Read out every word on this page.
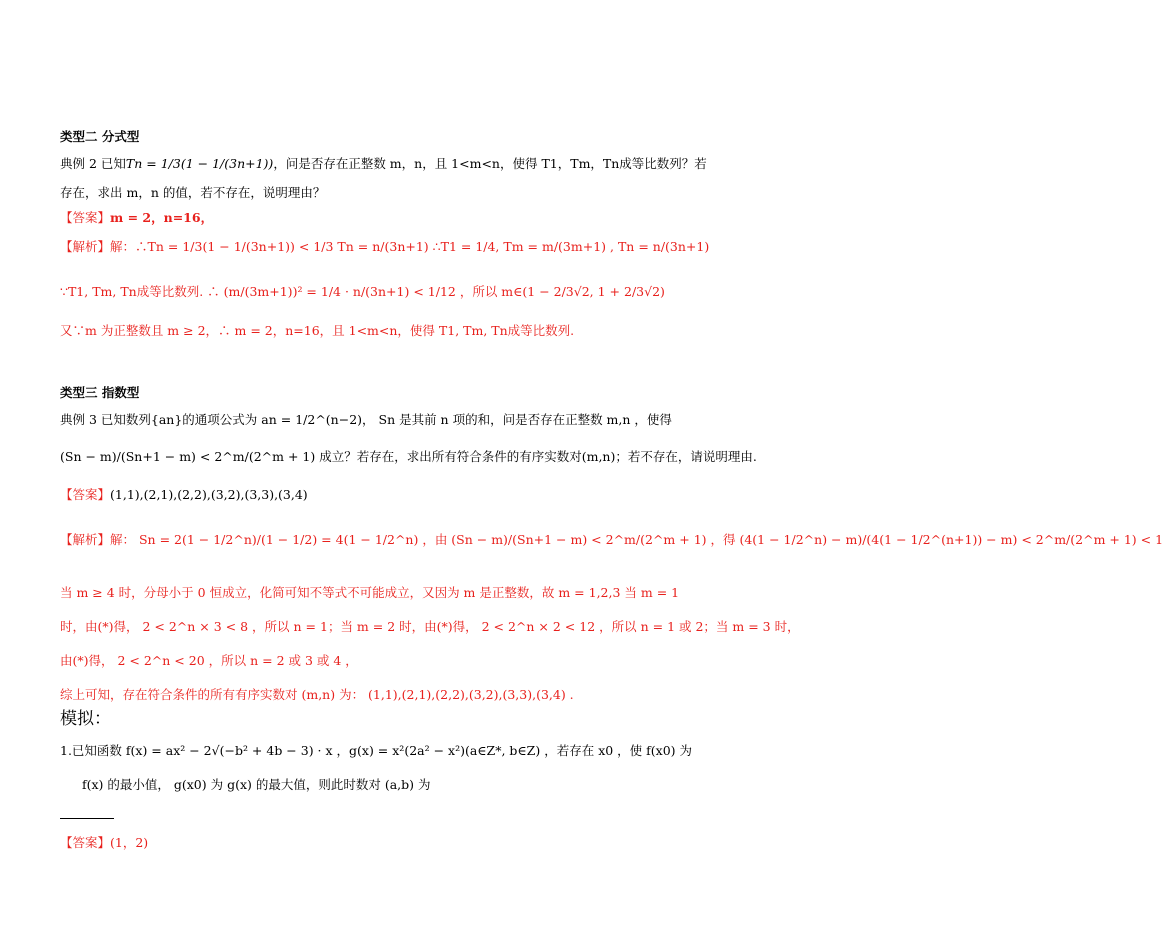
类型二 分式型
典例 2 已知Tn = 1/3(1 − 1/(3n+1))，问是否存在正整数 m，n，且 1<m<n，使得 T1，Tm，Tn成等比数列？若
存在，求出 m，n 的值，若不存在，说明理由？
【答案】m = 2，n=16，
【解析】解：∴Tn = 1/3(1 − 1/(3n+1)) < 1/3 Tn = n/(3n+1) ∴T1 = 1/4, Tm = m/(3m+1) , Tn = n/(3n+1)
∵T1, Tm, Tn成等比数列. ∴ (m/(3m+1))² = 1/4 · n/(3n+1) < 1/12 ，所以 m∈(1 − 2/3√2, 1 + 2/3√2)
又∵m 为正整数且 m ≥ 2，∴ m = 2，n=16，且 1<m<n，使得 T1, Tm, Tn成等比数列.
类型三 指数型
典例 3 已知数列{an}的通项公式为 an = 1/2^(n−2)， Sn 是其前 n 项的和，问是否存在正整数 m,n ，使得
(Sn − m)/(Sn+1 − m) < 2^m/(2^m + 1) 成立？若存在，求出所有符合条件的有序实数对(m,n)；若不存在，请说明理由.
【答案】(1,1),(2,1),(2,2),(3,2),(3,3),(3,4)
【解析】解： Sn = 2(1 − 1/2^n)/(1 − 1/2) = 4(1 − 1/2^n) ，由 (Sn − m)/(Sn+1 − m) < 2^m/(2^m + 1) ，得 (4(1 − 1/2^n) − m)/(4(1 − 1/2^(n+1)) − m) < 2^m/(2^m + 1) < 1
当 m ≥ 4 时，分母小于 0 恒成立，化简可知不等式不可能成立，又因为 m 是正整数，故 m = 1,2,3 当 m = 1
时，由(*)得， 2 < 2^n × 3 < 8 ，所以 n = 1；当 m = 2 时，由(*)得， 2 < 2^n × 2 < 12 ，所以 n = 1 或 2；当 m = 3 时，
由(*)得， 2 < 2^n < 20 ，所以 n = 2 或 3 或 4 ，
综上可知，存在符合条件的所有有序实数对 (m,n) 为： (1,1),(2,1),(2,2),(3,2),(3,3),(3,4) .
模拟：
1.已知函数 f(x) = ax² − 2√(−b² + 4b − 3) · x ，g(x) = x²(2a² − x²)(a∈Z*, b∈Z) ，若存在 x0 ，使 f(x0) 为
f(x) 的最小值， g(x0) 为 g(x) 的最大值，则此时数对 (a,b) 为
【答案】(1，2)
